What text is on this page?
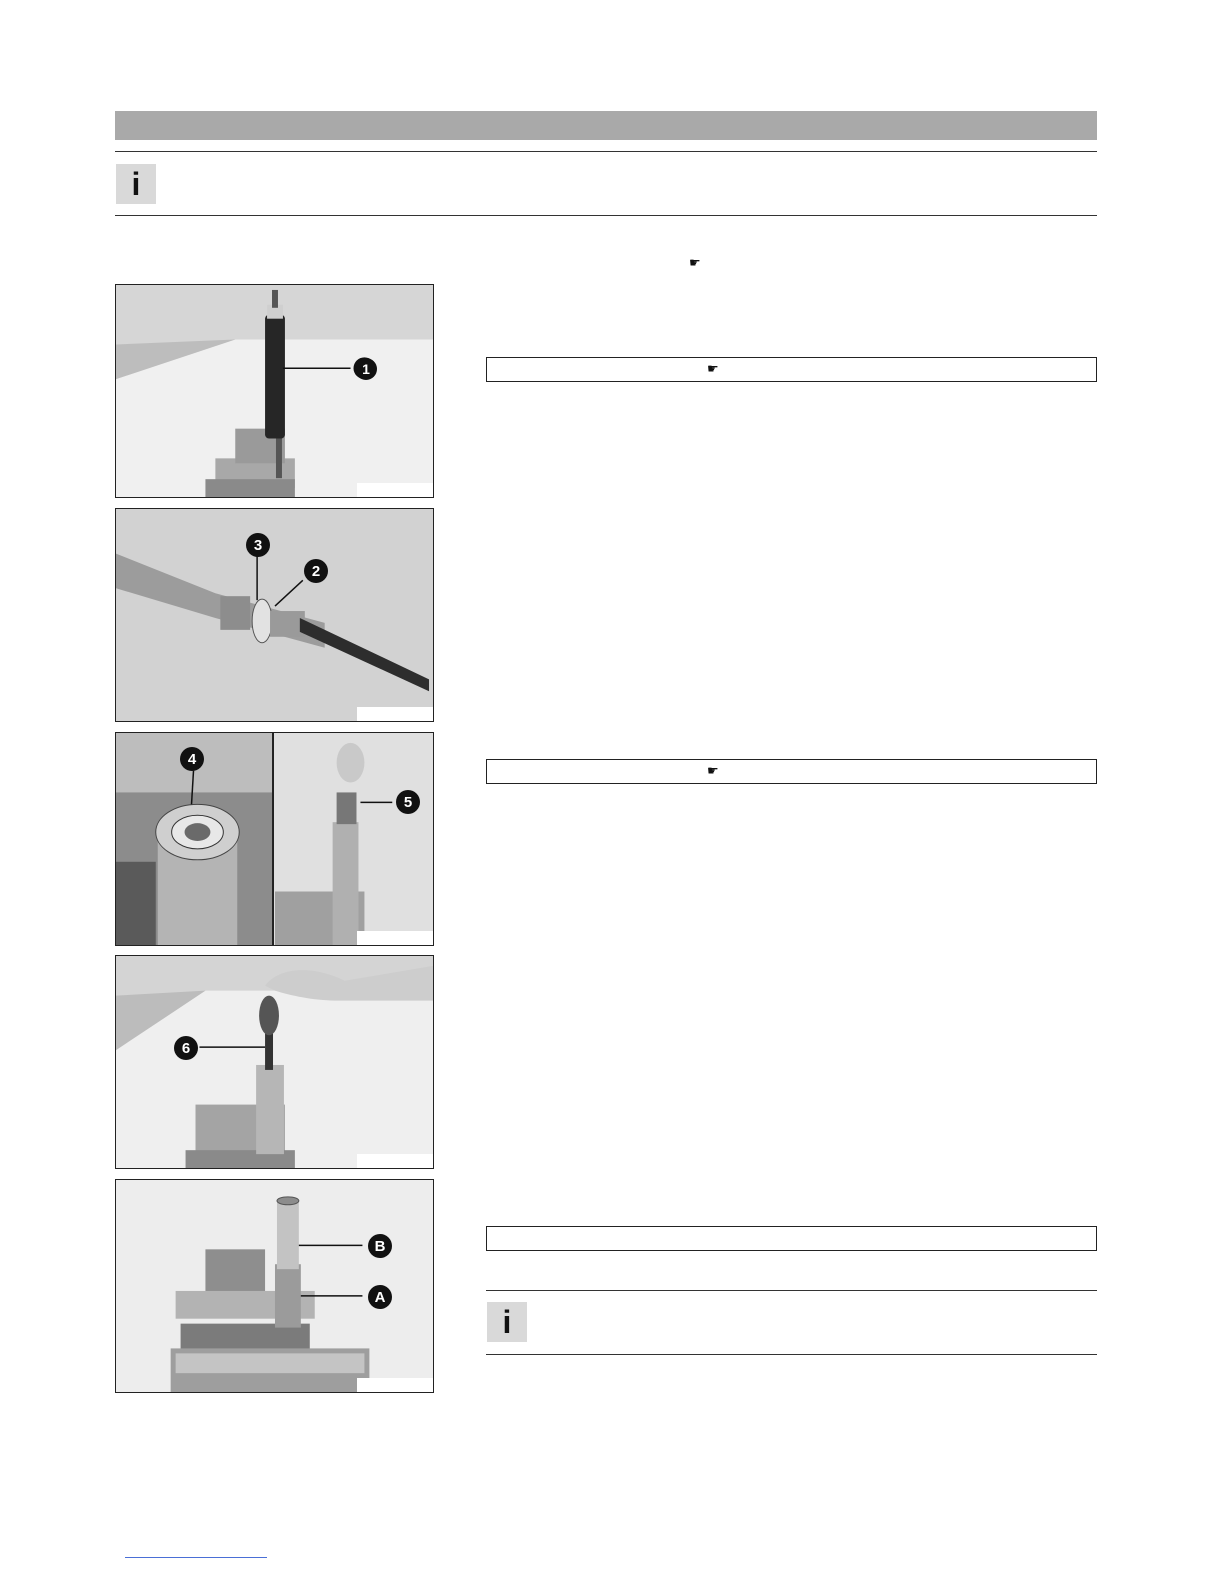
i
☛
☛
☛
i
1
3
2
4
5
6
B
A
